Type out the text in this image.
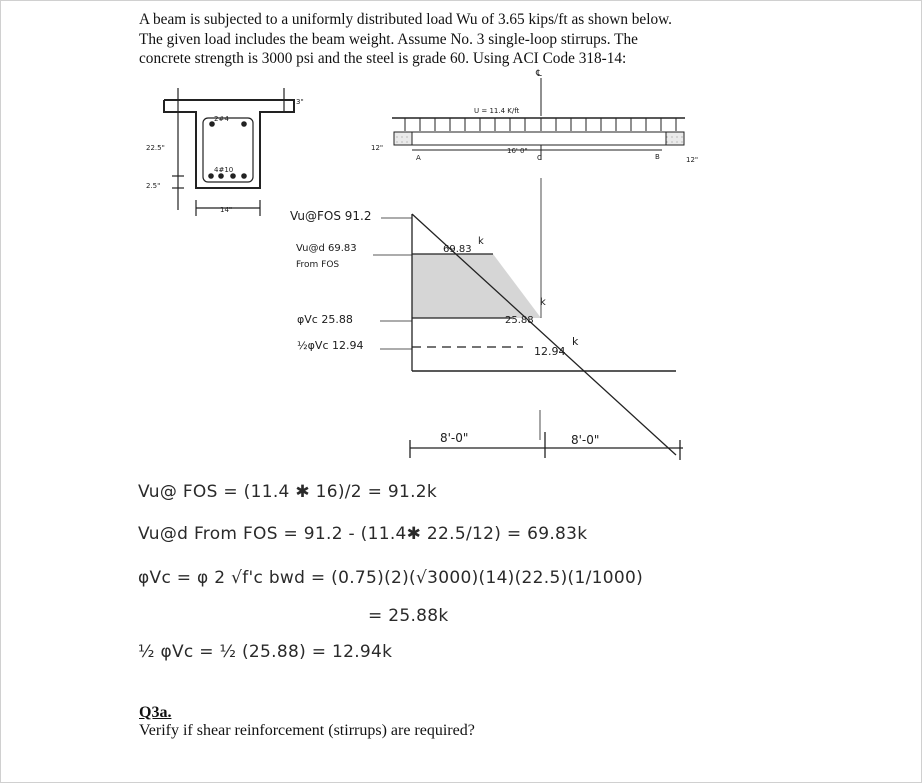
A beam is subjected to a uniformly distributed load Wu of 3.65 kips/ft as shown below.
The given load includes the beam weight. Assume No. 3 single-loop stirrups. The
concrete strength is 3000 psi and the steel is grade 60. Using ACI Code 318-14:
2#4
4#10
3"
22.5"
2.5"
14"
U = 11.4 K/ft
℄
16' 0"
12"
12"
A	B
C
Vu@FOS 91.2
Vu@d 69.83
From FOS
φVc 25.88
½φVc 12.94
69.83
k
25.88
k
12.94
k
8'-0"	8'-0"
Vu@ FOS = (11.4 ✱ 16)/2 = 91.2k
Vu@d From FOS = 91.2 - (11.4✱ 22.5/12) = 69.83k
φVc = φ 2 √f'c bwd = (0.75)(2)(√3000)(14)(22.5)(1/1000)
= 25.88k
½ φVc = ½ (25.88) = 12.94k
Q3a.
Verify if shear reinforcement (stirrups) are required?
